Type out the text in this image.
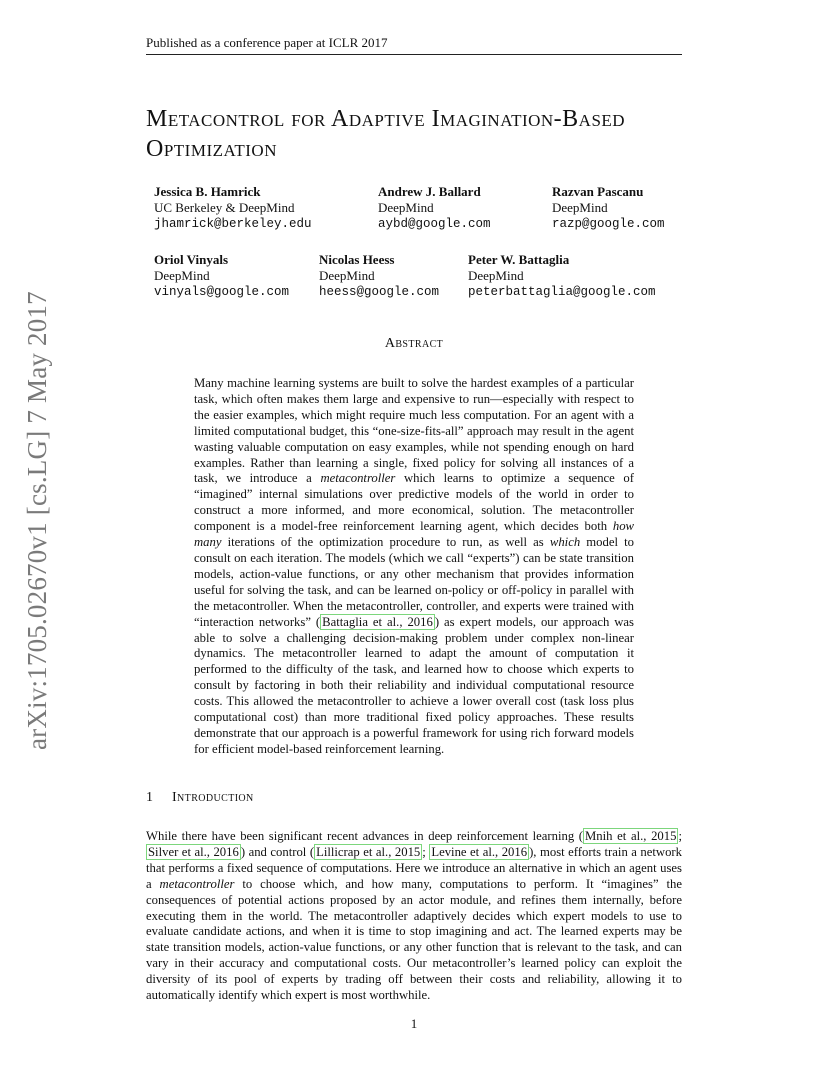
Published as a conference paper at ICLR 2017
arXiv:1705.02670v1 [cs.LG] 7 May 2017
Metacontrol for Adaptive Imagination-Based Optimization
Jessica B. Hamrick
UC Berkeley & DeepMind
jhamrick@berkeley.edu
Andrew J. Ballard
DeepMind
aybd@google.com
Razvan Pascanu
DeepMind
razp@google.com
Oriol Vinyals
DeepMind
vinyals@google.com
Nicolas Heess
DeepMind
heess@google.com
Peter W. Battaglia
DeepMind
peterbattaglia@google.com
Abstract
Many machine learning systems are built to solve the hardest examples of a particular task, which often makes them large and expensive to run—especially with respect to the easier examples, which might require much less computation. For an agent with a limited computational budget, this “one-size-fits-all” approach may result in the agent wasting valuable computation on easy examples, while not spending enough on hard examples. Rather than learning a single, fixed policy for solving all instances of a task, we introduce a metacontroller which learns to optimize a sequence of “imagined” internal simulations over predictive models of the world in order to construct a more informed, and more economical, solution. The metacontroller component is a model-free reinforcement learning agent, which decides both how many iterations of the optimization procedure to run, as well as which model to consult on each iteration. The models (which we call “experts”) can be state transition models, action-value functions, or any other mechanism that provides information useful for solving the task, and can be learned on-policy or off-policy in parallel with the metacontroller. When the metacontroller, controller, and experts were trained with “interaction networks” ( Battaglia et al., 2016 ) as expert models, our approach was able to solve a challenging decision-making problem under complex non-linear dynamics. The metacontroller learned to adapt the amount of computation it performed to the difficulty of the task, and learned how to choose which experts to consult by factoring in both their reliability and individual computational resource costs. This allowed the metacontroller to achieve a lower overall cost (task loss plus computational cost) than more traditional fixed policy approaches. These results demonstrate that our approach is a powerful framework for using rich forward models for efficient model-based reinforcement learning.
1 Introduction
While there have been significant recent advances in deep reinforcement learning ( Mnih et al., 2015 ; Silver et al., 2016 ) and control ( Lillicrap et al., 2015 ; Levine et al., 2016 ), most efforts train a network that performs a fixed sequence of computations. Here we introduce an alternative in which an agent uses a metacontroller to choose which, and how many, computations to perform. It “imagines” the consequences of potential actions proposed by an actor module, and refines them internally, before executing them in the world. The metacontroller adaptively decides which expert models to use to evaluate candidate actions, and when it is time to stop imagining and act. The learned experts may be state transition models, action-value functions, or any other function that is relevant to the task, and can vary in their accuracy and computational costs. Our metacontroller’s learned policy can exploit the diversity of its pool of experts by trading off between their costs and reliability, allowing it to automatically identify which expert is most worthwhile.
1
